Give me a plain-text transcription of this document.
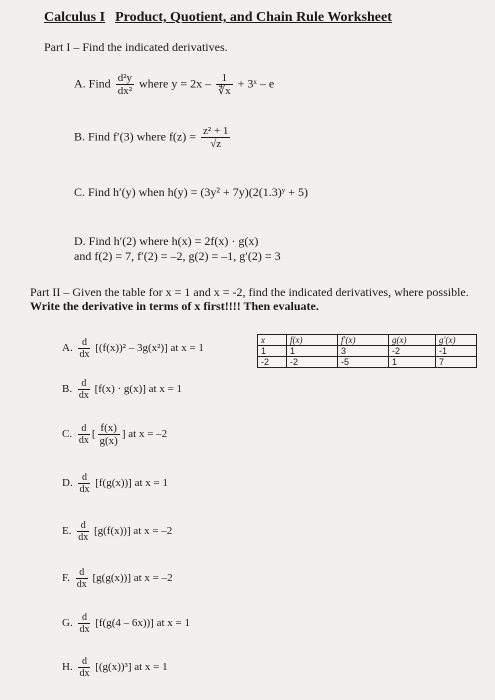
Calculus I Product, Quotient, and Chain Rule Worksheet
Part I – Find the indicated derivatives.
A. Find $\frac{\text{d²y}}{\text{dx²}}$ where $y = 2x - \frac{1}{∜x}$ + 3ˣ – e
B. Find f′(3) where $f(z) = \frac{\text{z² + 1}}{√z}$
C. Find h′(y) when h(y) = (3y² + 7y)(2(1.3)ʸ + 5)
D. Find h′(2) where h(x) = 2f(x) · g(x)
and f(2) = 7, f′(2) = –2, g(2) = –1, g′(2) = 3
Part II – Given the table for x = 1 and x = -2, find the indicated derivatives, where possible. Write the derivative in terms of x first!!!! Then evaluate.
x	f(x)	f′(x)	g(x)	g′(x)
1	1	3	-2	-1
-2	-2	-5	1	7
A. $\frac{d}{dx} [(f(x))^2 - 3g(x^2)]$ at x = 1
B. $\frac{d}{dx} [f(x) \cdot g(x)]$ at x = 1
C. $\frac{d}{dx}$ [ $\frac{f(x)}{g(x)}$ ] at x = –2
D. $\frac{d}{dx} [f(g(x))]$ at x = 1
E. $\frac{d}{dx} [g(f(x))]$ at x = –2
F. $\frac{d}{dx} [g(g(x))]$ at x = –2
G. $\frac{d}{dx} [f(g(4 - 6x))]$ at x = 1
H. $\frac{d}{dx} [(g(x))^3]$ at x = 1
